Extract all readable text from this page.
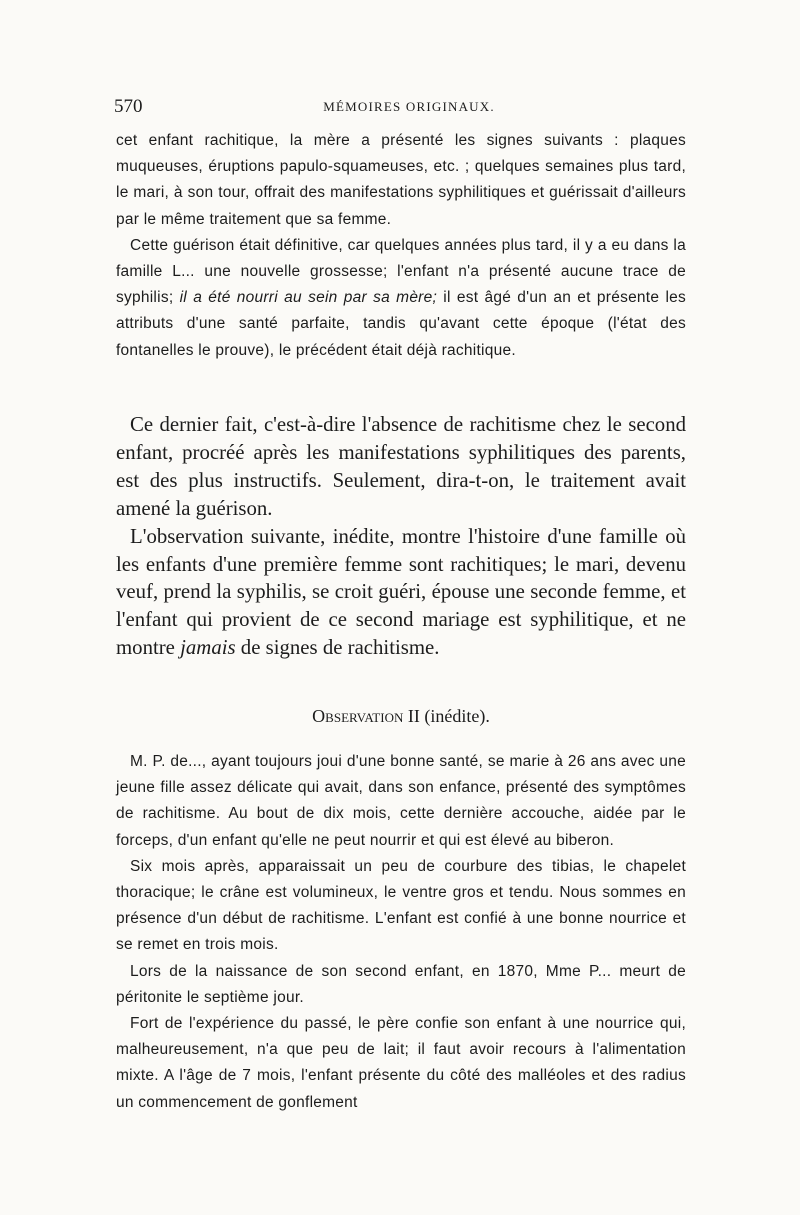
570	MÉMOIRES ORIGINAUX.

cet enfant rachitique, la mère a présenté les signes suivants : plaques muqueuses, éruptions papulo-squameuses, etc. ; quelques semaines plus tard, le mari, à son tour, offrait des manifestations syphilitiques et guérissait d'ailleurs par le même traitement que sa femme.

Cette guérison était définitive, car quelques années plus tard, il y a eu dans la famille L... une nouvelle grossesse; l'enfant n'a présenté aucune trace de syphilis; il a été nourri au sein par sa mère; il est âgé d'un an et présente les attributs d'une santé parfaite, tandis qu'avant cette époque (l'état des fontanelles le prouve), le précédent était déjà rachitique.

Ce dernier fait, c'est-à-dire l'absence de rachitisme chez le second enfant, procréé après les manifestations syphilitiques des parents, est des plus instructifs. Seulement, dira-t-on, le traitement avait amené la guérison.

L'observation suivante, inédite, montre l'histoire d'une famille où les enfants d'une première femme sont rachitiques; le mari, devenu veuf, prend la syphilis, se croit guéri, épouse une seconde femme, et l'enfant qui provient de ce second mariage est syphilitique, et ne montre jamais de signes de rachitisme.

Observation II (inédite).

M. P. de..., ayant toujours joui d'une bonne santé, se marie à 26 ans avec une jeune fille assez délicate qui avait, dans son enfance, présenté des symptômes de rachitisme. Au bout de dix mois, cette dernière accouche, aidée par le forceps, d'un enfant qu'elle ne peut nourrir et qui est élevé au biberon.

Six mois après, apparaissait un peu de courbure des tibias, le chapelet thoracique; le crâne est volumineux, le ventre gros et tendu. Nous sommes en présence d'un début de rachitisme. L'enfant est confié à une bonne nourrice et se remet en trois mois.

Lors de la naissance de son second enfant, en 1870, Mme P... meurt de péritonite le septième jour.

Fort de l'expérience du passé, le père confie son enfant à une nourrice qui, malheureusement, n'a que peu de lait; il faut avoir recours à l'alimentation mixte. A l'âge de 7 mois, l'enfant présente du côté des malléoles et des radius un commencement de gonflement
